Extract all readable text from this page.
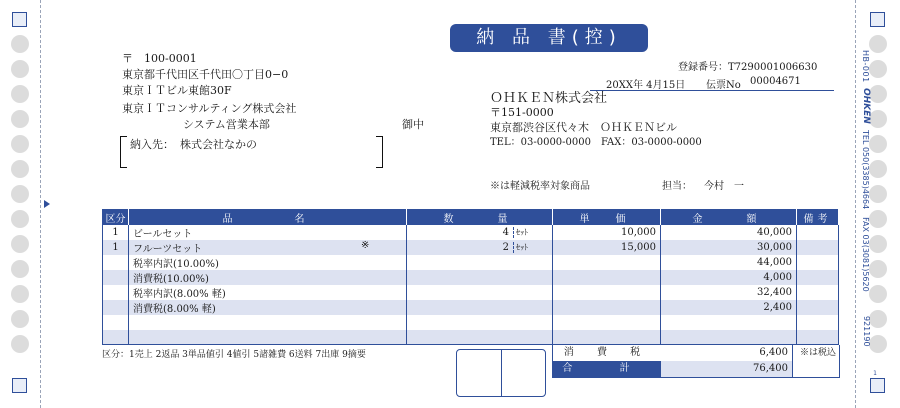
HB-001
OHKEN
TEL 050(3385)4664　FAX 03(3081)5620
921190
1
納 品 書(控)
登録番号：T7290001006630
20XX年 4月15日 伝票No 00004671
〒　100-0001
東京都千代田区千代田〇丁目0−0
東京ＩＴビル東館30F
東京ＩＴコンサルティング株式会社
システム営業本部	御中
納入先： 株式会社なかの
ＯＨＫＥＮ株式会社
〒151-0000
東京都渋谷区代々木　ＯＨＫＥＮビル
TEL：03-0000-0000　FAX：03-0000-0000
※は軽減税率対象商品	担当： 今村　一
区分	品　　　名	数　　量	単　価	金　　額	備考
1	ビールセット	4 ｾｯﾄ	10,000	40,000	
1	フルーツセット ※	2 ｾｯﾄ	15,000	30,000	
	税率内訳(10.00%)			44,000	
	消費税(10.00%)			4,000	
	税率内訳(8.00% 軽)			32,400	
	消費税(8.00% 軽)			2,400	

区分：1売上 2返品 3単品値引 4値引 5諸雑費 6送料 7出庫 9摘要	消 費 税	6,400	※は税込
合 計	76,400
